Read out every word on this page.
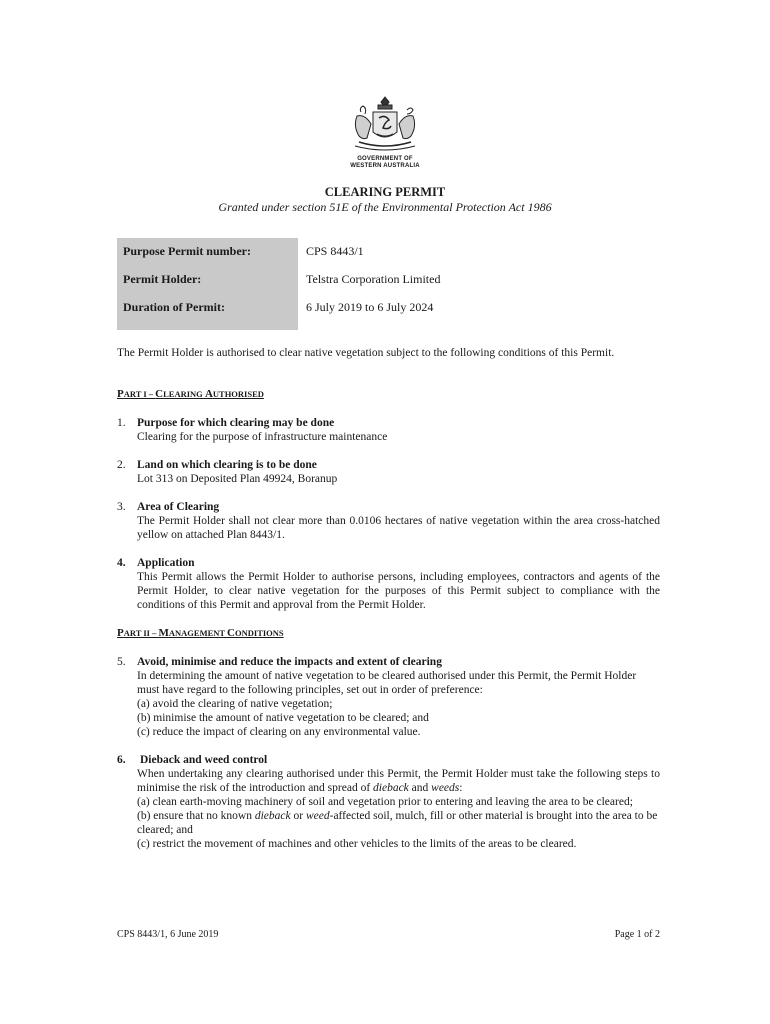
GOVERNMENT OF
WESTERN AUSTRALIA
CLEARING PERMIT
Granted under section 51E of the Environmental Protection Act 1986
Purpose Permit number:	CPS 8443/1
Permit Holder:	Telstra Corporation Limited
Duration of Permit:	6 July 2019 to 6 July 2024
The Permit Holder is authorised to clear native vegetation subject to the following conditions of this Permit.
PART I – CLEARING AUTHORISED
1. Purpose for which clearing may be done
Clearing for the purpose of infrastructure maintenance
2. Land on which clearing is to be done
Lot 313 on Deposited Plan 49924, Boranup
3. Area of Clearing
The Permit Holder shall not clear more than 0.0106 hectares of native vegetation within the area cross-hatched yellow on attached Plan 8443/1.
4. Application
This Permit allows the Permit Holder to authorise persons, including employees, contractors and agents of the Permit Holder, to clear native vegetation for the purposes of this Permit subject to compliance with the conditions of this Permit and approval from the Permit Holder.
PART II – MANAGEMENT CONDITIONS
5. Avoid, minimise and reduce the impacts and extent of clearing
In determining the amount of native vegetation to be cleared authorised under this Permit, the Permit Holder must have regard to the following principles, set out in order of preference:
(a) avoid the clearing of native vegetation;
(b) minimise the amount of native vegetation to be cleared; and
(c) reduce the impact of clearing on any environmental value.
6. Dieback and weed control
When undertaking any clearing authorised under this Permit, the Permit Holder must take the following steps to minimise the risk of the introduction and spread of dieback and weeds:
(a) clean earth-moving machinery of soil and vegetation prior to entering and leaving the area to be cleared;
(b) ensure that no known dieback or weed-affected soil, mulch, fill or other material is brought into the area to be cleared; and
(c) restrict the movement of machines and other vehicles to the limits of the areas to be cleared.
CPS 8443/1, 6 June 2019	Page 1 of 2
